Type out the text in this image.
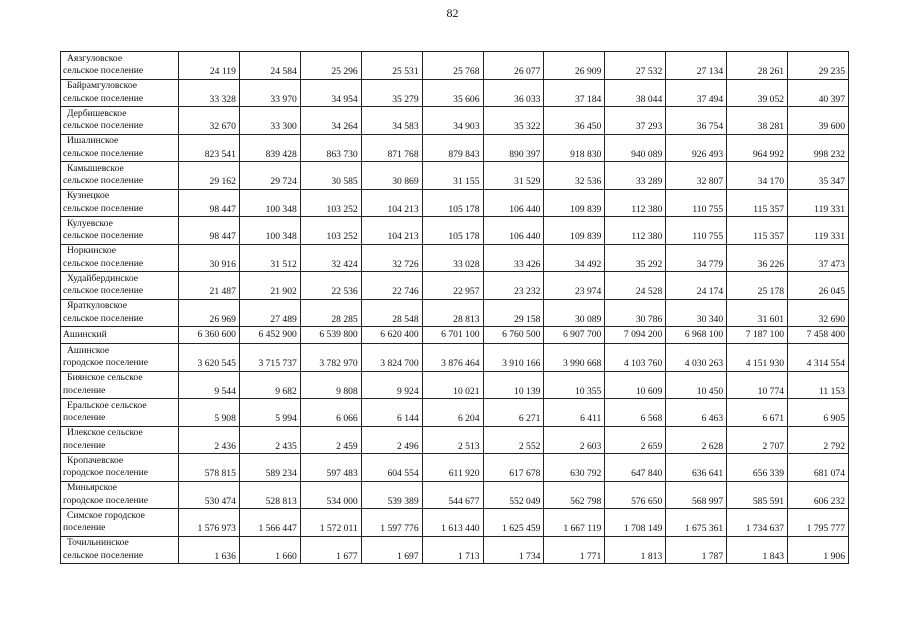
82
Аязгуловское
сельское поселение	24 119	24 584	25 296	25 531	25 768	26 077	26 909	27 532	27 134	28 261	29 235

Байрамгуловское
сельское поселение	33 328	33 970	34 954	35 279	35 606	36 033	37 184	38 044	37 494	39 052	40 397

Дербишевское
сельское поселение	32 670	33 300	34 264	34 583	34 903	35 322	36 450	37 293	36 754	38 281	39 600

Ишалинское
сельское поселение	823 541	839 428	863 730	871 768	879 843	890 397	918 830	940 089	926 493	964 992	998 232

Камышевское
сельское поселение	29 162	29 724	30 585	30 869	31 155	31 529	32 536	33 289	32 807	34 170	35 347

Кузнецкое
сельское поселение	98 447	100 348	103 252	104 213	105 178	106 440	109 839	112 380	110 755	115 357	119 331

Кулуевское
сельское поселение	98 447	100 348	103 252	104 213	105 178	106 440	109 839	112 380	110 755	115 357	119 331

Норкинское
сельское поселение	30 916	31 512	32 424	32 726	33 028	33 426	34 492	35 292	34 779	36 226	37 473

Худайбердинское
сельское поселение	21 487	21 902	22 536	22 746	22 957	23 232	23 974	24 528	24 174	25 178	26 045

Яраткуловское
сельское поселение	26 969	27 489	28 285	28 548	28 813	29 158	30 089	30 786	30 340	31 601	32 690

Ашинский	6 360 600	6 452 900	6 539 800	6 620 400	6 701 100	6 760 500	6 907 700	7 094 200	6 968 100	7 187 100	7 458 400

Ашинское
городское поселение	3 620 545	3 715 737	3 782 970	3 824 700	3 876 464	3 910 166	3 990 668	4 103 760	4 030 263	4 151 930	4 314 554

Биянское сельское
поселение	9 544	9 682	9 808	9 924	10 021	10 139	10 355	10 609	10 450	10 774	11 153

Еральское сельское
поселение	5 908	5 994	6 066	6 144	6 204	6 271	6 411	6 568	6 463	6 671	6 905

Илекское сельское
поселение	2 436	2 435	2 459	2 496	2 513	2 552	2 603	2 659	2 628	2 707	2 792

Кропачевское
городское поселение	578 815	589 234	597 483	604 554	611 920	617 678	630 792	647 840	636 641	656 339	681 074

Миньярское
городское поселение	530 474	528 813	534 000	539 389	544 677	552 049	562 798	576 650	568 997	585 591	606 232

Симское городское
поселение	1 576 973	1 566 447	1 572 011	1 597 776	1 613 440	1 625 459	1 667 119	1 708 149	1 675 361	1 734 637	1 795 777

Точильнинское
сельское поселение	1 636	1 660	1 677	1 697	1 713	1 734	1 771	1 813	1 787	1 843	1 906
